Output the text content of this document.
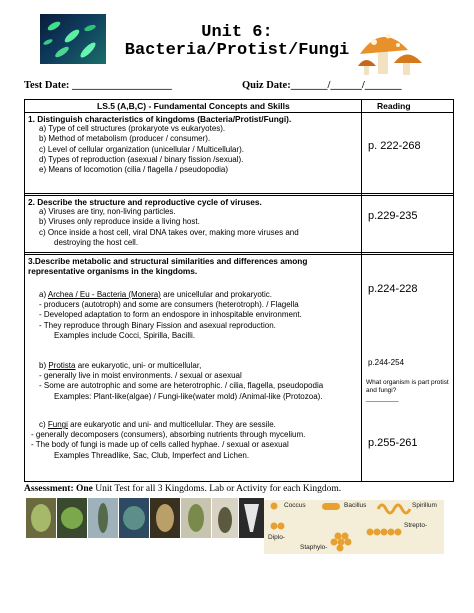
Unit 6:
Bacteria/Protist/Fungi
Test Date: ___________________	Quiz Date:_______/______/_______
LS.5 (A,B,C) - Fundamental Concepts and Skills	Reading
1. Distinguish characteristics of kingdoms (Bacteria/Protist/Fungi).
a) Type of cell structures (prokaryote vs eukaryotes).
b) Method of metabolism (producer / consumer).
c) Level of cellular organization (unicellular / Multicellular).
d) Types of reproduction (asexual / binary fission /sexual).
e) Means of locomotion (cilia / flagella / pseudopodia)
p. 222-268
2. Describe the structure and reproductive cycle of viruses.
a) Viruses are tiny, non-living particles.
b) Viruses only reproduce inside a living host.
c) Once inside a host cell, viral DNA takes over, making more viruses and
destroying the host cell.
p.229-235
3.Describe metabolic and structural similarities and differences among
representative organisms in the kingdoms.
a) Archea / Eu - Bacteria (Monera) are unicellular and prokaryotic.
- producers (autotroph) and some are consumers (heterotroph). / Flagella
- Developed adaptation to form an endospore in inhospitable environment.
- They reproduce through Binary Fission and asexual reproduction.
Examples include Cocci, Spirilla, Bacilli.
p.224-228
b) Protista are eukaryotic, uni- or multicellular,
- generally live in moist environments. / sexual or asexual
- Some are autotrophic and some are heterotrophic. / cilia, flagella, pseudopodia
Examples: Plant-like(algae) / Fungi-like(water mold) /Animal-like (Protozoa).
p.244-254
What organism is part protist and fungi?
_________
c) Fungi are eukaryotic and uni- and multicellular. They are sessile.
- generally decomposers (consumers), absorbing nutrients through mycelium.
- The body of fungi is made up of cells called hyphae. / sexual or asexual
Examples Threadlike, Sac, Club, Imperfect and Lichen.
p.255-261
Assessment: One Unit Test for all 3 Kingdoms. Lab or Activity for each Kingdom.
Coccus	Bacillus	Spirillum
Diplo-
Strepto-
Staphylo-
